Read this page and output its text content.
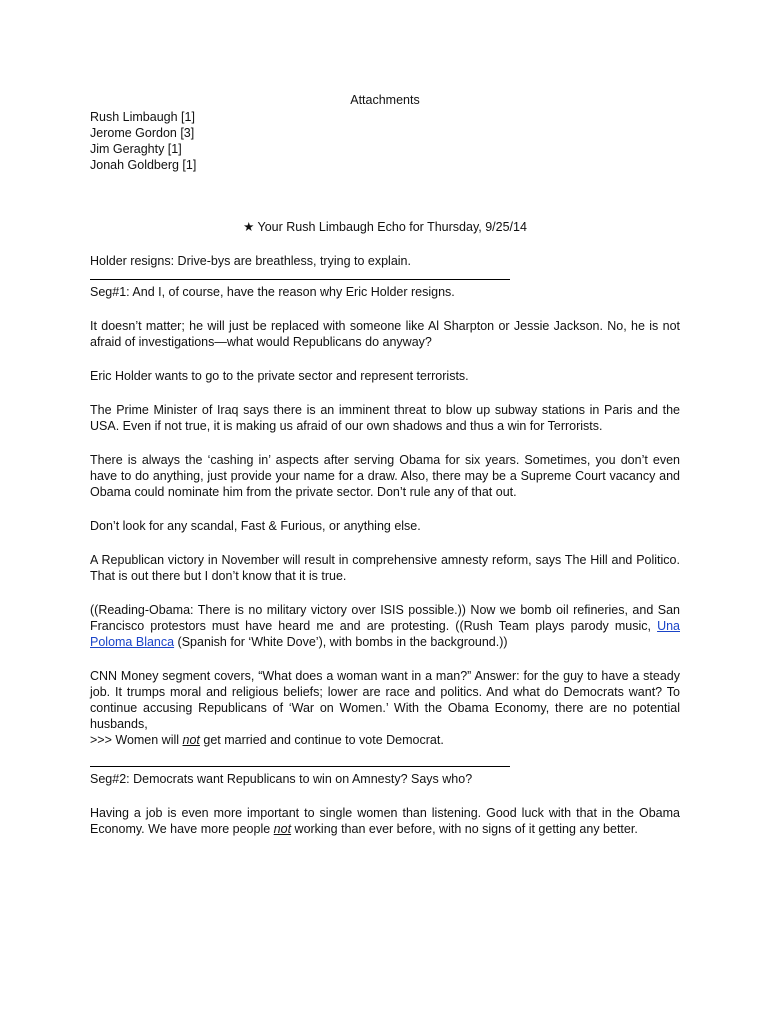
Attachments
Rush Limbaugh [1]
Jerome Gordon [3]
Jim Geraghty [1]
Jonah Goldberg [1]
★ Your Rush Limbaugh Echo for Thursday, 9/25/14
Holder resigns: Drive-bys are breathless, trying to explain.
Seg#1: And I, of course, have the reason why Eric Holder resigns.
It doesn’t matter; he will just be replaced with someone like Al Sharpton or Jessie Jackson. No, he is not afraid of investigations—what would Republicans do anyway?
Eric Holder wants to go to the private sector and represent terrorists.
The Prime Minister of Iraq says there is an imminent threat to blow up subway stations in Paris and the USA. Even if not true, it is making us afraid of our own shadows and thus a win for Terrorists.
There is always the ‘cashing in’ aspects after serving Obama for six years. Sometimes, you don’t even have to do anything, just provide your name for a draw. Also, there may be a Supreme Court vacancy and Obama could nominate him from the private sector. Don’t rule any of that out.
Don’t look for any scandal, Fast & Furious, or anything else.
A Republican victory in November will result in comprehensive amnesty reform, says The Hill and Politico. That is out there but I don’t know that it is true.
((Reading-Obama: There is no military victory over ISIS possible.)) Now we bomb oil refineries, and San Francisco protestors must have heard me and are protesting. ((Rush Team plays parody music, Una Poloma Blanca (Spanish for ‘White Dove’), with bombs in the background.))
CNN Money segment covers, “What does a woman want in a man?” Answer: for the guy to have a steady job. It trumps moral and religious beliefs; lower are race and politics. And what do Democrats want? To continue accusing Republicans of ‘War on Women.’ With the Obama Economy, there are no potential husbands,
>>> Women will not get married and continue to vote Democrat.
Seg#2: Democrats want Republicans to win on Amnesty? Says who?
Having a job is even more important to single women than listening. Good luck with that in the Obama Economy. We have more people not working than ever before, with no signs of it getting any better.
